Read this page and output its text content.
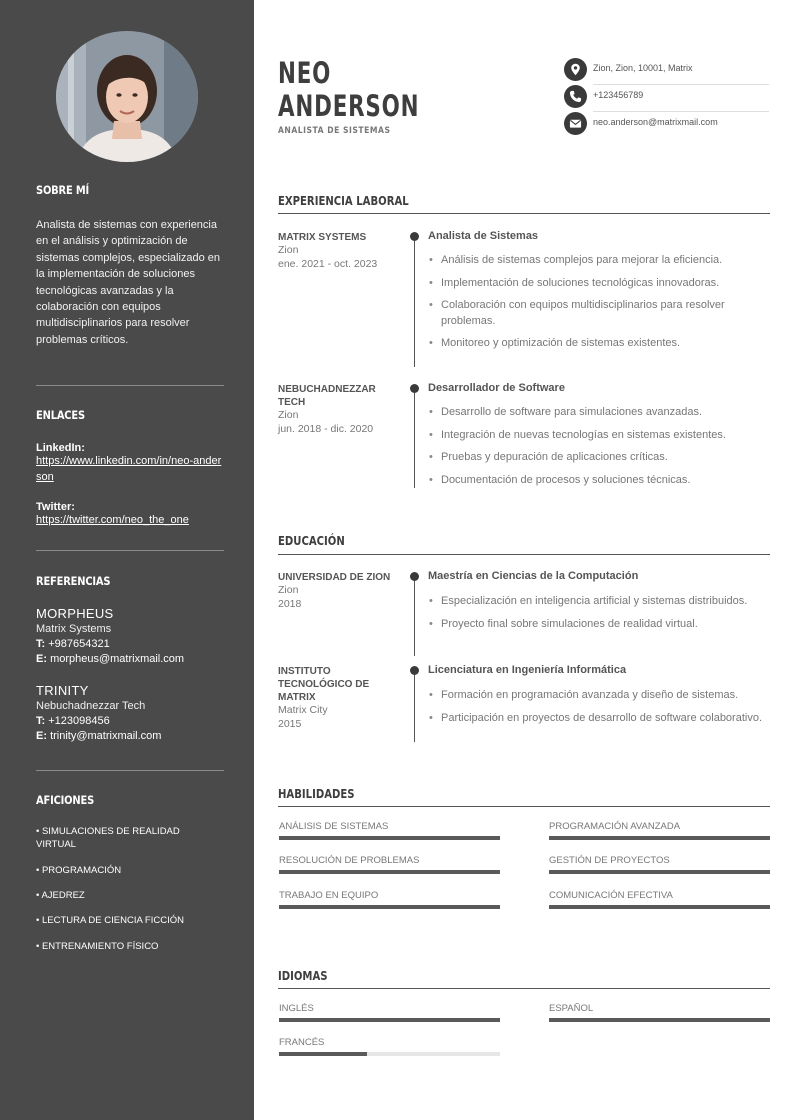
SOBRE MÍ
Analista de sistemas con experiencia en el análisis y optimización de sistemas complejos, especializado en la implementación de soluciones tecnológicas avanzadas y la colaboración con equipos multidisciplinarios para resolver problemas críticos.
ENLACES
LinkedIn:
https://www.linkedin.com/in/neo-anderson
Twitter:
https://twitter.com/neo_the_one
REFERENCIAS
MORPHEUS
Matrix Systems
T: +987654321
E: morpheus@matrixmail.com
TRINITY
Nebuchadnezzar Tech
T: +123098456
E: trinity@matrixmail.com
AFICIONES
• SIMULACIONES DE REALIDAD VIRTUAL
• PROGRAMACIÓN
• AJEDREZ
• LECTURA DE CIENCIA FICCIÓN
• ENTRENAMIENTO FÍSICO
NEO
ANDERSON
ANALISTA DE SISTEMAS
Zion, Zion, 10001, Matrix
+123456789
neo.anderson@matrixmail.com
EXPERIENCIA LABORAL
MATRIX SYSTEMS
Zion
ene. 2021 - oct. 2023
Analista de Sistemas
• Análisis de sistemas complejos para mejorar la eficiencia.
• Implementación de soluciones tecnológicas innovadoras.
• Colaboración con equipos multidisciplinarios para resolver problemas.
• Monitoreo y optimización de sistemas existentes.
NEBUCHADNEZZAR TECH
Zion
jun. 2018 - dic. 2020
Desarrollador de Software
• Desarrollo de software para simulaciones avanzadas.
• Integración de nuevas tecnologías en sistemas existentes.
• Pruebas y depuración de aplicaciones críticas.
• Documentación de procesos y soluciones técnicas.
EDUCACIÓN
UNIVERSIDAD DE ZION
Zion
2018
Maestría en Ciencias de la Computación
• Especialización en inteligencia artificial y sistemas distribuidos.
• Proyecto final sobre simulaciones de realidad virtual.
INSTITUTO TECNOLÓGICO DE MATRIX
Matrix City
2015
Licenciatura en Ingeniería Informática
• Formación en programación avanzada y diseño de sistemas.
• Participación en proyectos de desarrollo de software colaborativo.
HABILIDADES
ANÁLISIS DE SISTEMAS	PROGRAMACIÓN AVANZADA
RESOLUCIÓN DE PROBLEMAS	GESTIÓN DE PROYECTOS
TRABAJO EN EQUIPO	COMUNICACIÓN EFECTIVA
IDIOMAS
INGLÉS	ESPAÑOL
FRANCÉS
